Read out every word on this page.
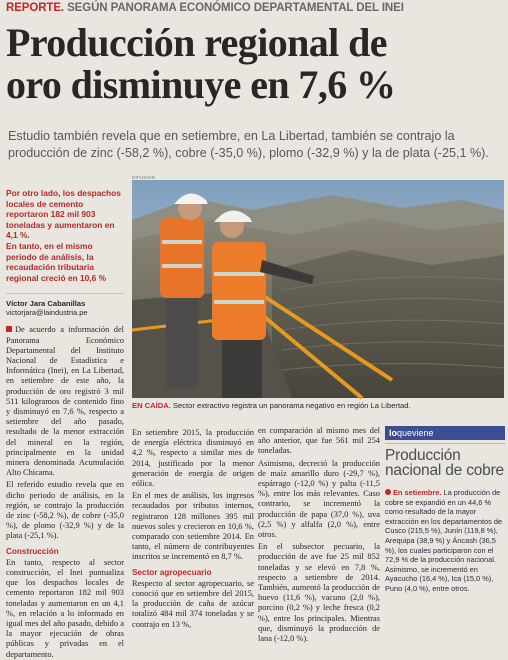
REPORTE. SEGÚN PANORAMA ECONÓMICO DEPARTAMENTAL DEL INEI
Producción regional de
oro disminuye en 7,6 %
Estudio también revela que en setiembre, en La Libertad, también se contrajo la producción de zinc (-58,2 %), cobre (-35,0 %), plomo (-32,9 %) y la de plata (-25,1 %).

Por otro lado, los despachos locales de cemento reportaron 182 mil 903 toneladas y aumentaron en 4,1 %.

En tanto, en el mismo periodo de análisis, la recaudación tributaria regional creció en 10,6 %

Víctor Jara Cabanillas
victorjara@laindustria.pe

De acuerdo a información del Panorama Económico Departamental del Instituto Nacional de Estadística e Informática (Inei), en La Libertad, en setiembre de este año, la producción de oro registró 3 mil 511 kilogramos de contenido fino y disminuyó en 7,6 %, respecto a setiembre del año pasado, resultado de la menor extracción del mineral en la región, principalmente en la unidad minera denominada Acumulación Alto Chicama.

El referido estudio revela que en dicho periodo de análisis, en la región, se contrajo la producción de zinc (-58,2 %), de cobre (-35,0 %), de plomo (-32,9 %) y de la plata (-25,1 %).

Construcción

En tanto, respecto al sector construcción, el Inei puntualiza que los despachos locales de cemento reportaron 182 mil 903 toneladas y aumentaron en un 4,1 %, en relación a lo informado en igual mes del año pasado, debido a la mayor ejecución de obras públicas y privadas en el departamento.

DIFUSIÓN
EN CAÍDA. Sector extractivo registra un panorama negativo en región La Libertad.

En setiembre 2015, la producción de energía eléctrica disminuyó en 4,2 %, respecto a similar mes de 2014, justificado por la menor generación de energía de origen eólica.

En el mes de análisis, los ingresos recaudados por tributos internos, registraron 128 millones 395 mil nuevos soles y crecieron en 10,6 %, comparado con setiembre 2014. En tanto, el número de contribuyentes inscritos se incrementó en 8,7 %.

Sector agropecuario

Respecto al sector agropecuario, se conoció que en setiembre del 2015, la producción de caña de azúcar totalizó 484 mil 374 toneladas y se contrajo en 13 %,

en comparación al mismo mes del año anterior, que fue 561 mil 254 toneladas.

Asimismo, decreció la producción de maíz amarillo duro (-29,7 %), espárrago (-12,0 %) y palta (-11,5 %), entre los más relevantes. Caso contrario, se incrementó la producción de papa (37,0 %), uva (2,5 %) y alfalfa (2,0 %), entre otros.

En el subsector pecuario, la producción de ave fue 25 mil 852 toneladas y se elevó en 7,8 %, respecto a setiembre de 2014. También, aumentó la producción de huevo (11,6 %), vacuno (2,0 %), porcino (0,2 %) y leche fresca (0,2 %), entre los principales. Mientras que, disminuyó la producción de lana (-12,0 %).

loqueviene
Producción nacional de cobre
En setiembre. La producción de cobre se expandió en un 44,6 % como resultado de la mayor extracción en los departamentos de Cusco (215,5 %), Junín (119,8 %), Arequipa (38,9 %) y Áncash (36,5 %), los cuales participaron con el 72,9 % de la producción nacional. Asimismo, se incrementó en Ayacucho (16,4 %), Ica (15,0 %), Puno (4,0 %), entre otros.
